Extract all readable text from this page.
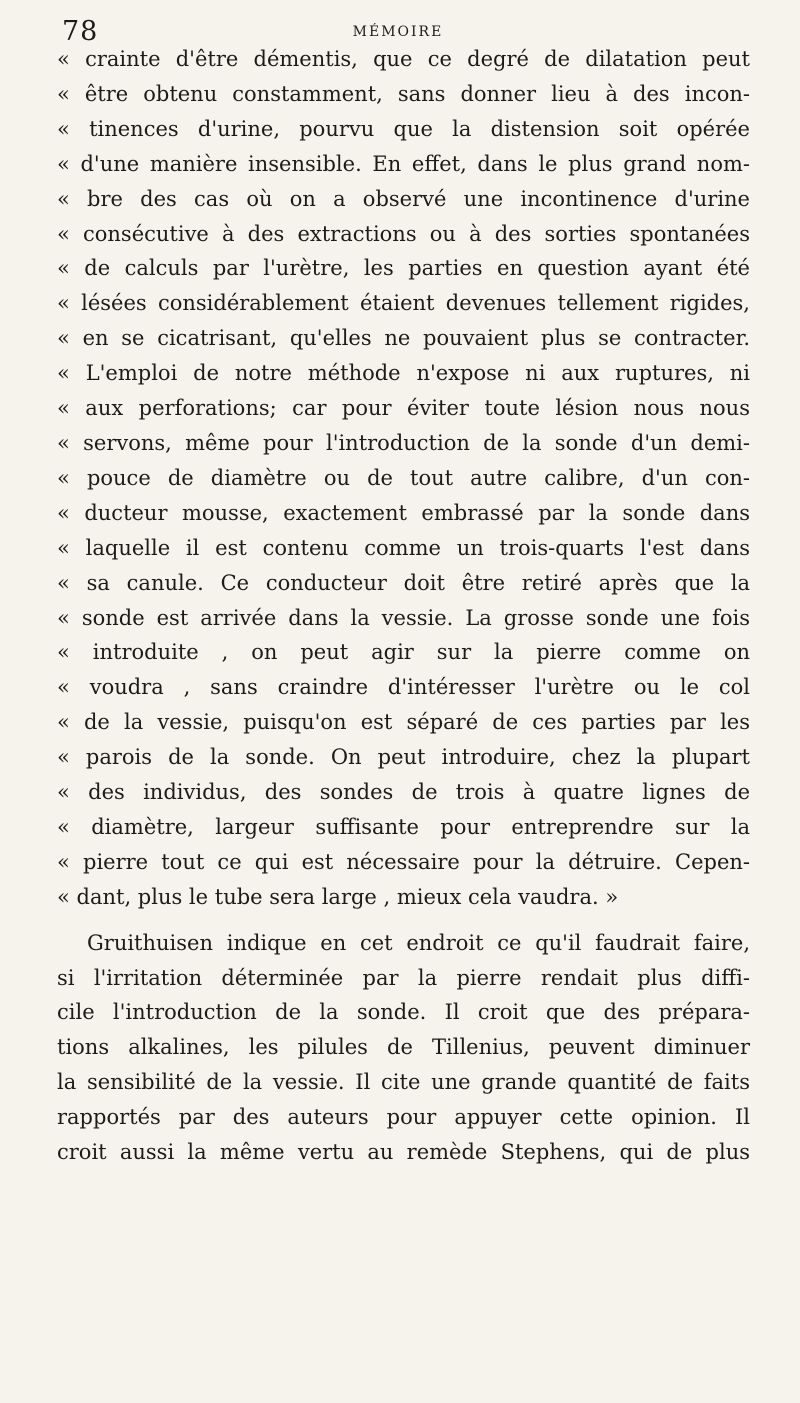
78	MÉMOIRE
« crainte d'être démentis, que ce degré de dilatation peut
« être obtenu constamment, sans donner lieu à des incon-
« tinences d'urine, pourvu que la distension soit opérée
« d'une manière insensible. En effet, dans le plus grand nom-
« bre des cas où on a observé une incontinence d'urine
« consécutive à des extractions ou à des sorties spontanées
« de calculs par l'urètre, les parties en question ayant été
« lésées considérablement étaient devenues tellement rigides,
« en se cicatrisant, qu'elles ne pouvaient plus se contracter.
« L'emploi de notre méthode n'expose ni aux ruptures, ni
« aux perforations; car pour éviter toute lésion nous nous
« servons, même pour l'introduction de la sonde d'un demi-
« pouce de diamètre ou de tout autre calibre, d'un con-
« ducteur mousse, exactement embrassé par la sonde dans
« laquelle il est contenu comme un trois-quarts l'est dans
« sa canule. Ce conducteur doit être retiré après que la
« sonde est arrivée dans la vessie. La grosse sonde une fois
« introduite , on peut agir sur la pierre comme on
« voudra , sans craindre d'intéresser l'urètre ou le col
« de la vessie, puisqu'on est séparé de ces parties par les
« parois de la sonde. On peut introduire, chez la plupart
« des individus, des sondes de trois à quatre lignes de
« diamètre, largeur suffisante pour entreprendre sur la
« pierre tout ce qui est nécessaire pour la détruire. Cepen-
« dant, plus le tube sera large , mieux cela vaudra. »
Gruithuisen indique en cet endroit ce qu'il faudrait faire,
si l'irritation déterminée par la pierre rendait plus diffi-
cile l'introduction de la sonde. Il croit que des prépara-
tions alkalines, les pilules de Tillenius, peuvent diminuer
la sensibilité de la vessie. Il cite une grande quantité de faits
rapportés par des auteurs pour appuyer cette opinion. Il
croit aussi la même vertu au remède Stephens, qui de plus
